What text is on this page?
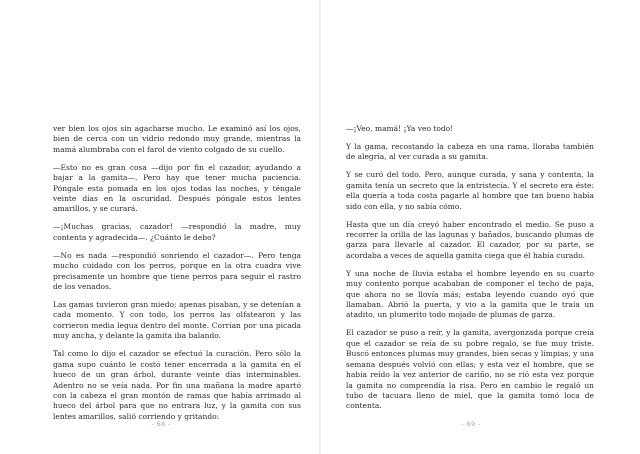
ver bien los ojos sin agacharse mucho. Le examinó así los ojos, bien de cerca con un vidrio redondo muy grande, mientras la mamá alumbraba con el farol de viento colgado de su cuello.

—Esto no es gran cosa —dijo por fin el cazador, ayudando a bajar a la gamita—. Pero hay que tener mucha paciencia. Póngale esta pomada en los ojos todas las noches, y téngale veinte días en la oscuridad. Después póngale estos lentes amarillos, y se curará.

—¡Muchas gracias, cazador! —respondió la madre, muy contenta y agradecida—. ¿Cuánto le debo?

—No es nada —respondió sonriendo el cazador—. Pero tenga mucho cuidado con los perros, porque en la otra cuadra vive precisamente un hombre que tiene perros para seguir el rastro de los venados.

Las gamas tuvieron gran miedo; apenas pisaban, y se detenían a cada momento. Y con todo, los perros las olfatearon y las corrieron media legua dentro del monte. Corrían por una picada muy ancha, y delante la gamita iba balando.

Tal como lo dijo el cazador se efectuó la curación. Pero sólo la gama supo cuánto le costó tener encerrada a la gamita en el hueco de un gran árbol, durante veinte días interminables. Adentro no se veía nada. Por fin una mañana la madre apartó con la cabeza el gran montón de ramas que había arrimado al hueco del árbol para que no entrara luz, y la gamita con sus lentes amarillos, salió corriendo y gritando:

—¡Veo, mamá! ¡Ya veo todo!

Y la gama, recostando la cabeza en una rama, lloraba también de alegría, al ver curada a su gamita.

Y se curó del todo. Pero, aunque curada, y sana y contenta, la gamita tenía un secreto que la entristecía. Y el secreto era éste: ella quería a toda costa pagarle al hombre que tan bueno había sido con ella, y no sabía cómo.

Hasta que un día creyó haber encontrado el medio. Se puso a recorrer la orilla de las lagunas y bañados, buscando plumas de garza para llevarle al cazador. El cazador, por su parte, se acordaba a veces de aquella gamita ciega que él había curado.

Y una noche de lluvia estaba el hombre leyendo en su cuarto muy contento porque acababan de componer el techo de paja, que ahora no se llovía más; estaba leyendo cuando oyó que llamaban. Abrió la puerta, y vio a la gamita que le traía un atadito, un plumerito todo mojado de plumas de garza.

El cazador se puso a reír, y la gamita, avergonzada porque creía que el cazador se reía de su pobre regalo, se fue muy triste. Buscó entonces plumas muy grandes, bien secas y limpias, y una semana después volvió con ellas; y esta vez el hombre, que se había reído la vez anterior de cariño, no se rió esta vez porque la gamita no comprendía la risa. Pero en cambio le regaló un tubo de tacuara lleno de miel, que la gamita tomó loca de contenta.

- 68 -	- 69 -
